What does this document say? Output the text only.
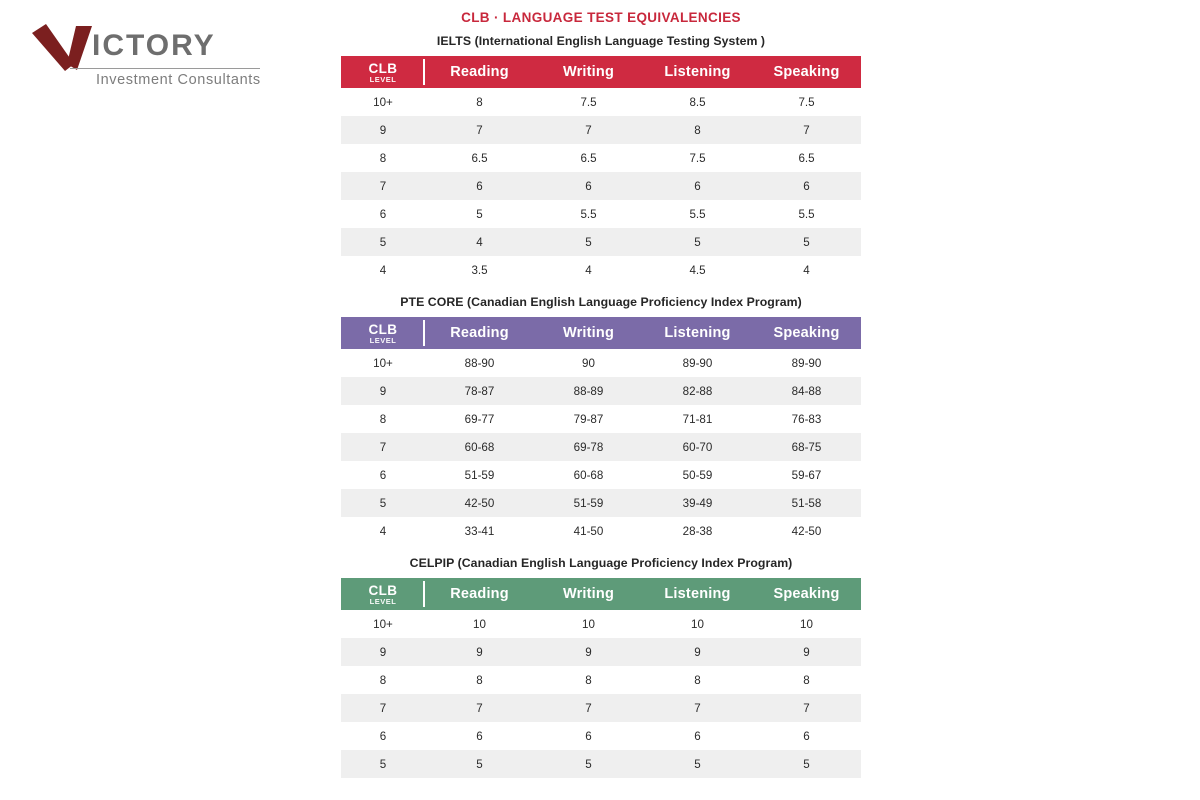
ICTORY
Investment Consultants
CLB · LANGUAGE TEST EQUIVALENCIES
IELTS (International English Language Testing System )
CLB
LEVEL	Reading	Writing	Listening	Speaking
10+	8	7.5	8.5	7.5
9	7	7	8	7
8	6.5	6.5	7.5	6.5
7	6	6	6	6
6	5	5.5	5.5	5.5
5	4	5	5	5
4	3.5	4	4.5	4
PTE CORE (Canadian English Language Proficiency Index Program)
CLB
LEVEL	Reading	Writing	Listening	Speaking
10+	88-90	90	89-90	89-90
9	78-87	88-89	82-88	84-88
8	69-77	79-87	71-81	76-83
7	60-68	69-78	60-70	68-75
6	51-59	60-68	50-59	59-67
5	42-50	51-59	39-49	51-58
4	33-41	41-50	28-38	42-50
CELPIP (Canadian English Language Proficiency Index Program)
CLB
LEVEL	Reading	Writing	Listening	Speaking
10+	10	10	10	10
9	9	9	9	9
8	8	8	8	8
7	7	7	7	7
6	6	6	6	6
5	5	5	5	5
